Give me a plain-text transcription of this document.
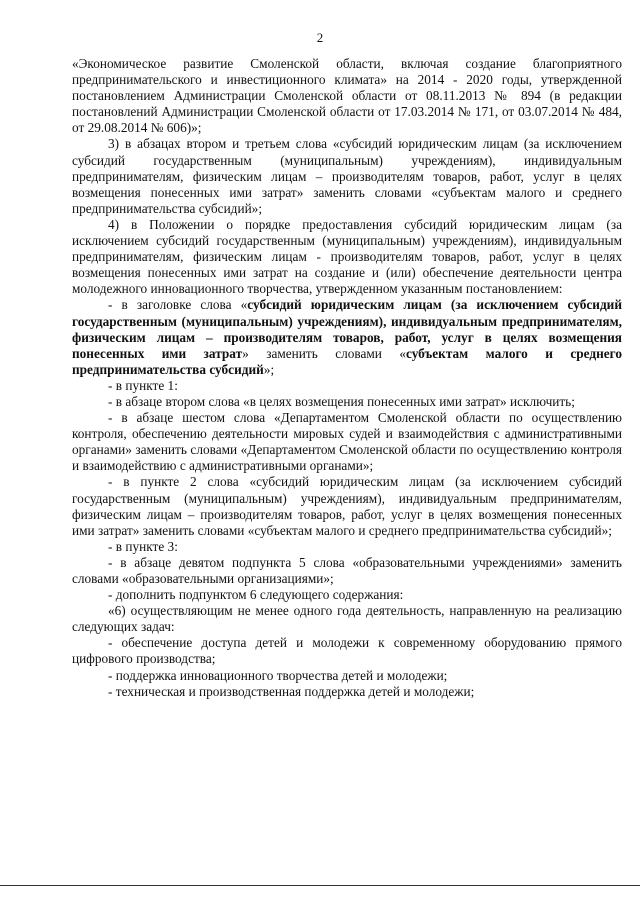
2

«Экономическое развитие Смоленской области, включая создание благоприятного предпринимательского и инвестиционного климата» на 2014 - 2020 годы, утвержденной постановлением Администрации Смоленской области от 08.11.2013 № 894 (в редакции постановлений Администрации Смоленской области от 17.03.2014 № 171, от 03.07.2014 № 484, от 29.08.2014 № 606)»;

3) в абзацах втором и третьем слова «субсидий юридическим лицам (за исключением субсидий государственным (муниципальным) учреждениям), индивидуальным предпринимателям, физическим лицам – производителям товаров, работ, услуг в целях возмещения понесенных ими затрат» заменить словами «субъектам малого и среднего предпринимательства субсидий»;

4) в Положении о порядке предоставления субсидий юридическим лицам (за исключением субсидий государственным (муниципальным) учреждениям), индивидуальным предпринимателям, физическим лицам - производителям товаров, работ, услуг в целях возмещения понесенных ими затрат на создание и (или) обеспечение деятельности центра молодежного инновационного творчества, утвержденном указанным постановлением:

- в заголовке слова «субсидий юридическим лицам (за исключением субсидий государственным (муниципальным) учреждениям), индивидуальным предпринимателям, физическим лицам – производителям товаров, работ, услуг в целях возмещения понесенных ими затрат» заменить словами «субъектам малого и среднего предпринимательства субсидий»;

- в пункте 1:

- в абзаце втором слова «в целях возмещения понесенных ими затрат» исключить;

- в абзаце шестом слова «Департаментом Смоленской области по осуществлению контроля, обеспечению деятельности мировых судей и взаимодействия с административными органами» заменить словами «Департаментом Смоленской области по осуществлению контроля и взаимодействию с административными органами»;

- в пункте 2 слова «субсидий юридическим лицам (за исключением субсидий государственным (муниципальным) учреждениям), индивидуальным предпринимателям, физическим лицам – производителям товаров, работ, услуг в целях возмещения понесенных ими затрат» заменить словами «субъектам малого и среднего предпринимательства субсидий»;

- в пункте 3:

- в абзаце девятом подпункта 5 слова «образовательными учреждениями» заменить словами «образовательными организациями»;

- дополнить подпунктом 6 следующего содержания:

«6) осуществляющим не менее одного года деятельность, направленную на реализацию следующих задач:

- обеспечение доступа детей и молодежи к современному оборудованию прямого цифрового производства;

- поддержка инновационного творчества детей и молодежи;

- техническая и производственная поддержка детей и молодежи;
